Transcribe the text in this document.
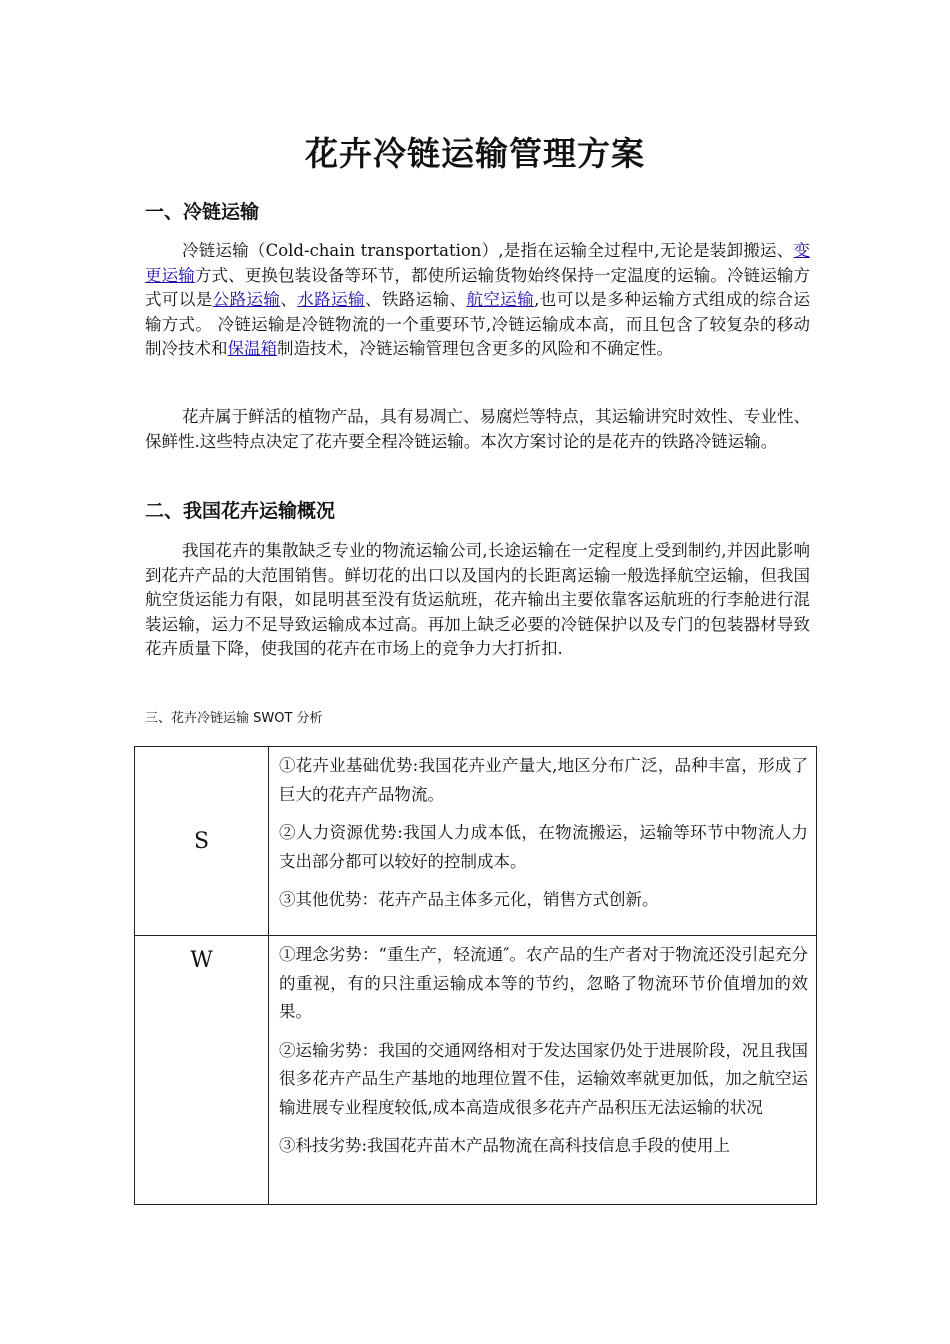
花卉冷链运输管理方案
一、冷链运输
冷链运输（Cold-chain transportation）,是指在运输全过程中,无论是装卸搬运、变更运输方式、更换包装设备等环节，都使所运输货物始终保持一定温度的运输。冷链运输方式可以是公路运输、水路运输、铁路运输、航空运输,也可以是多种运输方式组成的综合运输方式。 冷链运输是冷链物流的一个重要环节,冷链运输成本高，而且包含了较复杂的移动制冷技术和保温箱制造技术，冷链运输管理包含更多的风险和不确定性。
花卉属于鲜活的植物产品，具有易凋亡、易腐烂等特点，其运输讲究时效性、专业性、保鲜性.这些特点决定了花卉要全程冷链运输。本次方案讨论的是花卉的铁路冷链运输。
二、我国花卉运输概况
我国花卉的集散缺乏专业的物流运输公司,长途运输在一定程度上受到制约,并因此影响到花卉产品的大范围销售。鲜切花的出口以及国内的长距离运输一般选择航空运输，但我国航空货运能力有限，如昆明甚至没有货运航班，花卉输出主要依靠客运航班的行李舱进行混装运输，运力不足导致运输成本过高。再加上缺乏必要的冷链保护以及专门的包装器材导致花卉质量下降，使我国的花卉在市场上的竞争力大打折扣.
三、花卉冷链运输 SWOT 分析
S	①花卉业基础优势:我国花卉业产量大,地区分布广泛，品种丰富，形成了巨大的花卉产品物流。

②人力资源优势:我国人力成本低，在物流搬运，运输等环节中物流人力支出部分都可以较好的控制成本。

③其他优势：花卉产品主体多元化，销售方式创新。

W	①理念劣势：“重生产，轻流通″。农产品的生产者对于物流还没引起充分的重视，有的只注重运输成本等的节约，忽略了物流环节价值增加的效果。

②运输劣势：我国的交通网络相对于发达国家仍处于进展阶段，况且我国很多花卉产品生产基地的地理位置不佳，运输效率就更加低，加之航空运输进展专业程度较低,成本高造成很多花卉产品积压无法运输的状况

③科技劣势:我国花卉苗木产品物流在高科技信息手段的使用上
